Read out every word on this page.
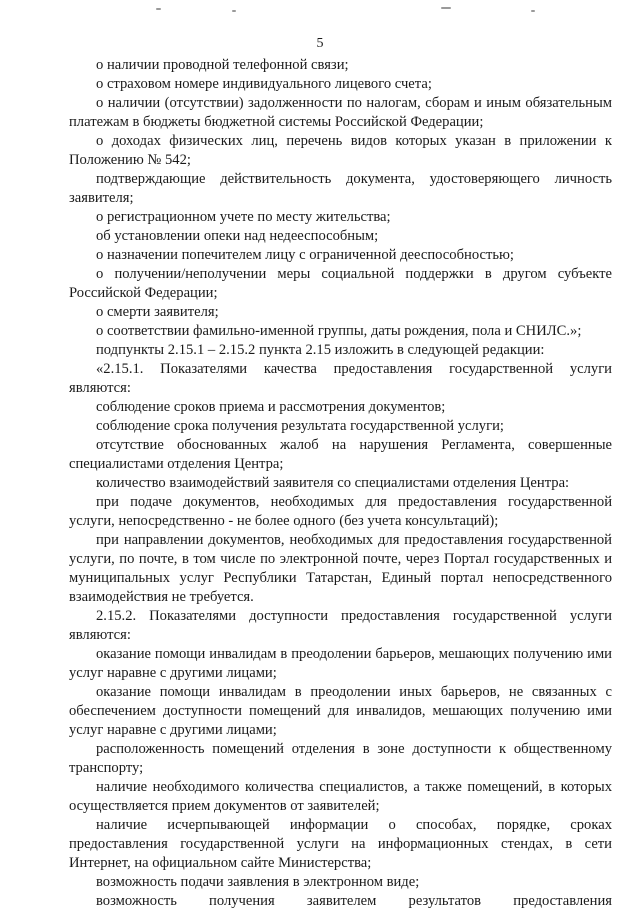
5

о наличии проводной телефонной связи;

о страховом номере индивидуального лицевого счета;

о наличии (отсутствии) задолженности по налогам, сборам и иным обязательным платежам в бюджеты бюджетной системы Российской Федерации;

о доходах физических лиц, перечень видов которых указан в приложении к Положению № 542;

подтверждающие действительность документа, удостоверяющего личность заявителя;

о регистрационном учете по месту жительства;

об установлении опеки над недееспособным;

о назначении попечителем лицу с ограниченной дееспособностью;

о получении/неполучении меры социальной поддержки в другом субъекте Российской Федерации;

о смерти заявителя;

о соответствии фамильно-именной группы, даты рождения, пола и СНИЛС.»;

подпункты 2.15.1 – 2.15.2 пункта 2.15 изложить в следующей редакции:

«2.15.1. Показателями качества предоставления государственной услуги являются:

соблюдение сроков приема и рассмотрения документов;

соблюдение срока получения результата государственной услуги;

отсутствие обоснованных жалоб на нарушения Регламента, совершенные специалистами отделения Центра;

количество взаимодействий заявителя со специалистами отделения Центра:

при подаче документов, необходимых для предоставления государственной услуги, непосредственно - не более одного (без учета консультаций);

при направлении документов, необходимых для предоставления государственной услуги, по почте, в том числе по электронной почте, через Портал государственных и муниципальных услуг Республики Татарстан, Единый портал непосредственного взаимодействия не требуется.

2.15.2. Показателями доступности предоставления государственной услуги являются:

оказание помощи инвалидам в преодолении барьеров, мешающих получению ими услуг наравне с другими лицами;

оказание помощи инвалидам в преодолении иных барьеров, не связанных с обеспечением доступности помещений для инвалидов, мешающих получению ими услуг наравне с другими лицами;

расположенность помещений отделения в зоне доступности к общественному транспорту;

наличие необходимого количества специалистов, а также помещений, в которых осуществляется прием документов от заявителей;

наличие исчерпывающей информации о способах, порядке, сроках предоставления государственной услуги на информационных стендах, в сети Интернет, на официальном сайте Министерства;

возможность подачи заявления в электронном виде;

возможность получения заявителем результатов предоставления
